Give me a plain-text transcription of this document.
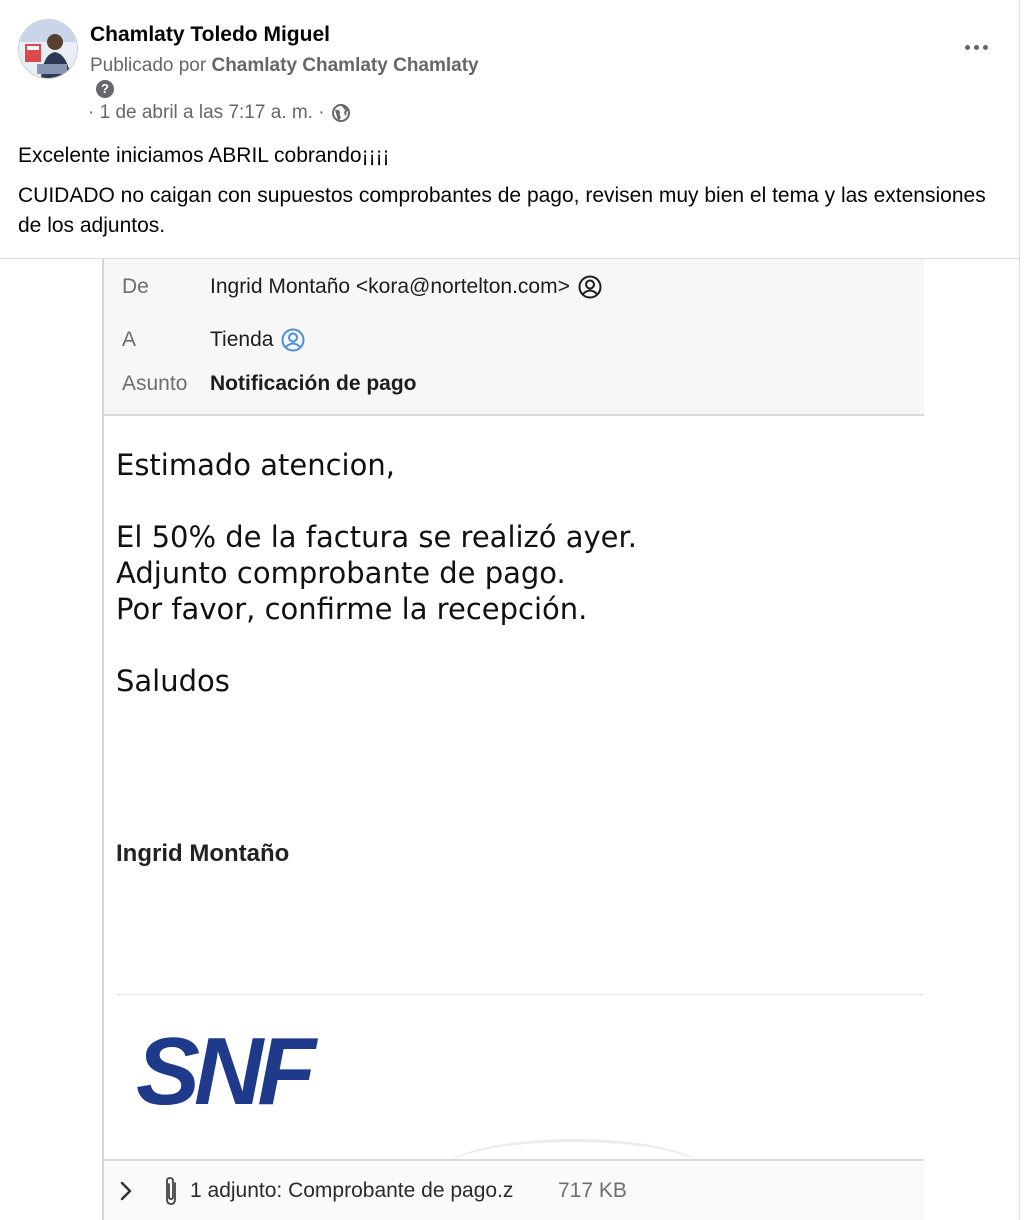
Chamlaty Toledo Miguel
Publicado por Chamlaty Chamlaty Chamlaty
?
· 1 de abril a las 7:17 a. m. ·
Excelente iniciamos ABRIL cobrando¡¡¡¡
CUIDADO no caigan con supuestos comprobantes de pago, revisen muy bien el tema y las extensiones de los adjuntos.
De	Ingrid Montaño <kora@nortelton.com>
A	Tienda
Asunto Notificación de pago
Estimado atencion,
El 50% de la factura se realizó ayer.
Adjunto comprobante de pago.
Por favor, confirme la recepción.
Saludos
Ingrid Montaño
SNF
1 adjunto: Comprobante de pago.z 717 KB
